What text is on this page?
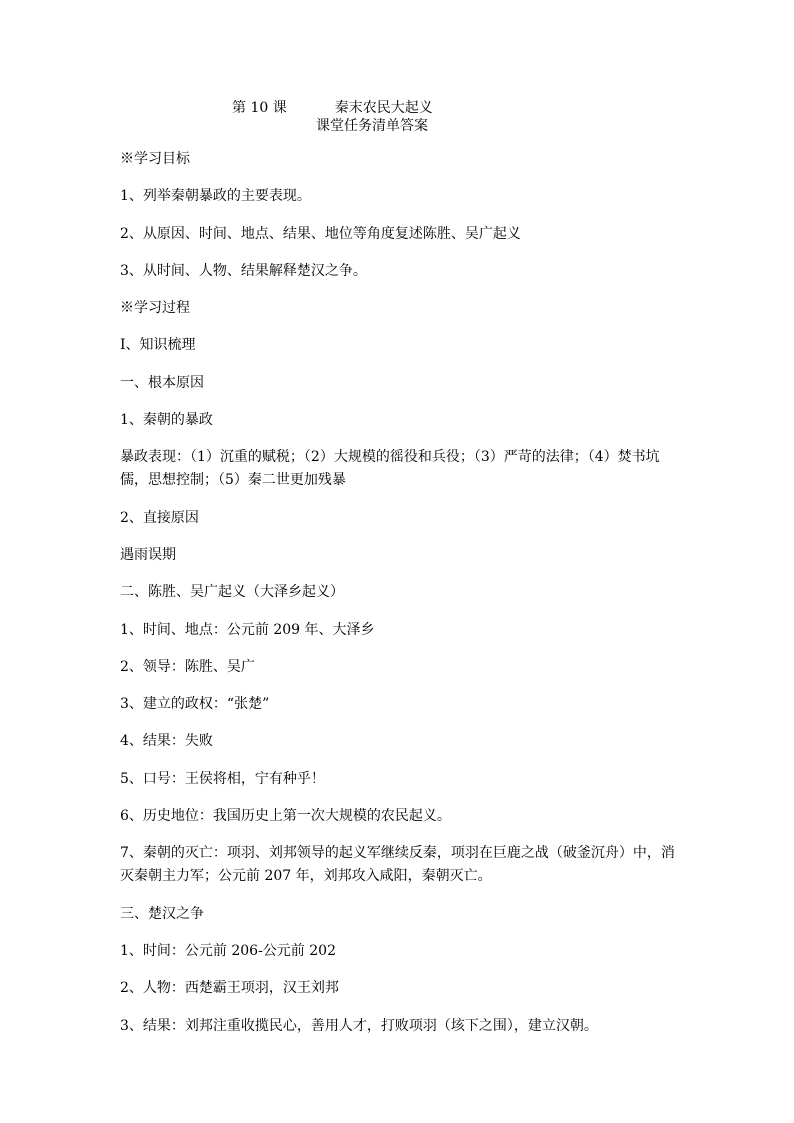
第 10 课	秦末农民大起义
课堂任务清单答案

※学习目标

1、列举秦朝暴政的主要表现。

2、从原因、时间、地点、结果、地位等角度复述陈胜、吴广起义

3、从时间、人物、结果解释楚汉之争。

※学习过程

Ⅰ、知识梳理

一、根本原因

1、秦朝的暴政

暴政表现：（1）沉重的赋税；（2）大规模的徭役和兵役；（3）严苛的法律；（4）焚书坑儒，思想控制；（5）秦二世更加残暴

2、直接原因

遇雨误期

二、陈胜、吴广起义（大泽乡起义）

1、时间、地点：公元前 209 年、大泽乡

2、领导：陈胜、吴广

3、建立的政权：“张楚”

4、结果：失败

5、口号：王侯将相，宁有种乎！

6、历史地位：我国历史上第一次大规模的农民起义。

7、秦朝的灭亡：项羽、刘邦领导的起义军继续反秦，项羽在巨鹿之战（破釜沉舟）中，消灭秦朝主力军；公元前 207 年，刘邦攻入咸阳，秦朝灭亡。

三、楚汉之争

1、时间：公元前 206-公元前 202

2、人物：西楚霸王项羽，汉王刘邦

3、结果：刘邦注重收揽民心，善用人才，打败项羽（垓下之围），建立汉朝。
